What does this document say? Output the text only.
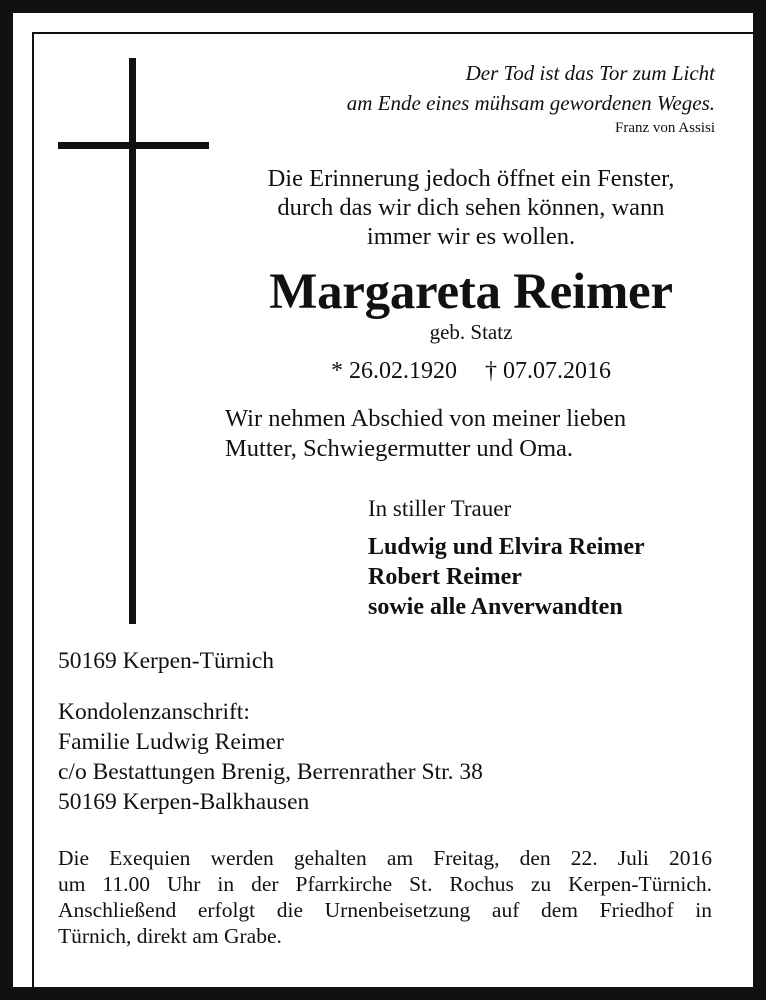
Der Tod ist das Tor zum Licht
am Ende eines mühsam gewordenen Weges.
Franz von Assisi
Die Erinnerung jedoch öffnet ein Fenster,
durch das wir dich sehen können, wann
immer wir es wollen.
Margareta Reimer
geb. Statz
* 26.02.1920 † 07.07.2016
Wir nehmen Abschied von meiner lieben
Mutter, Schwiegermutter und Oma.
In stiller Trauer
Ludwig und Elvira Reimer
Robert Reimer
sowie alle Anverwandten
50169 Kerpen-Türnich
Kondolenzanschrift:
Familie Ludwig Reimer
c/o Bestattungen Brenig, Berrenrather Str. 38
50169 Kerpen-Balkhausen
Die Exequien werden gehalten am Freitag, den 22. Juli 2016
um 11.00 Uhr in der Pfarrkirche St. Rochus zu Kerpen-Türnich.
Anschließend erfolgt die Urnenbeisetzung auf dem Friedhof in
Türnich, direkt am Grabe.
